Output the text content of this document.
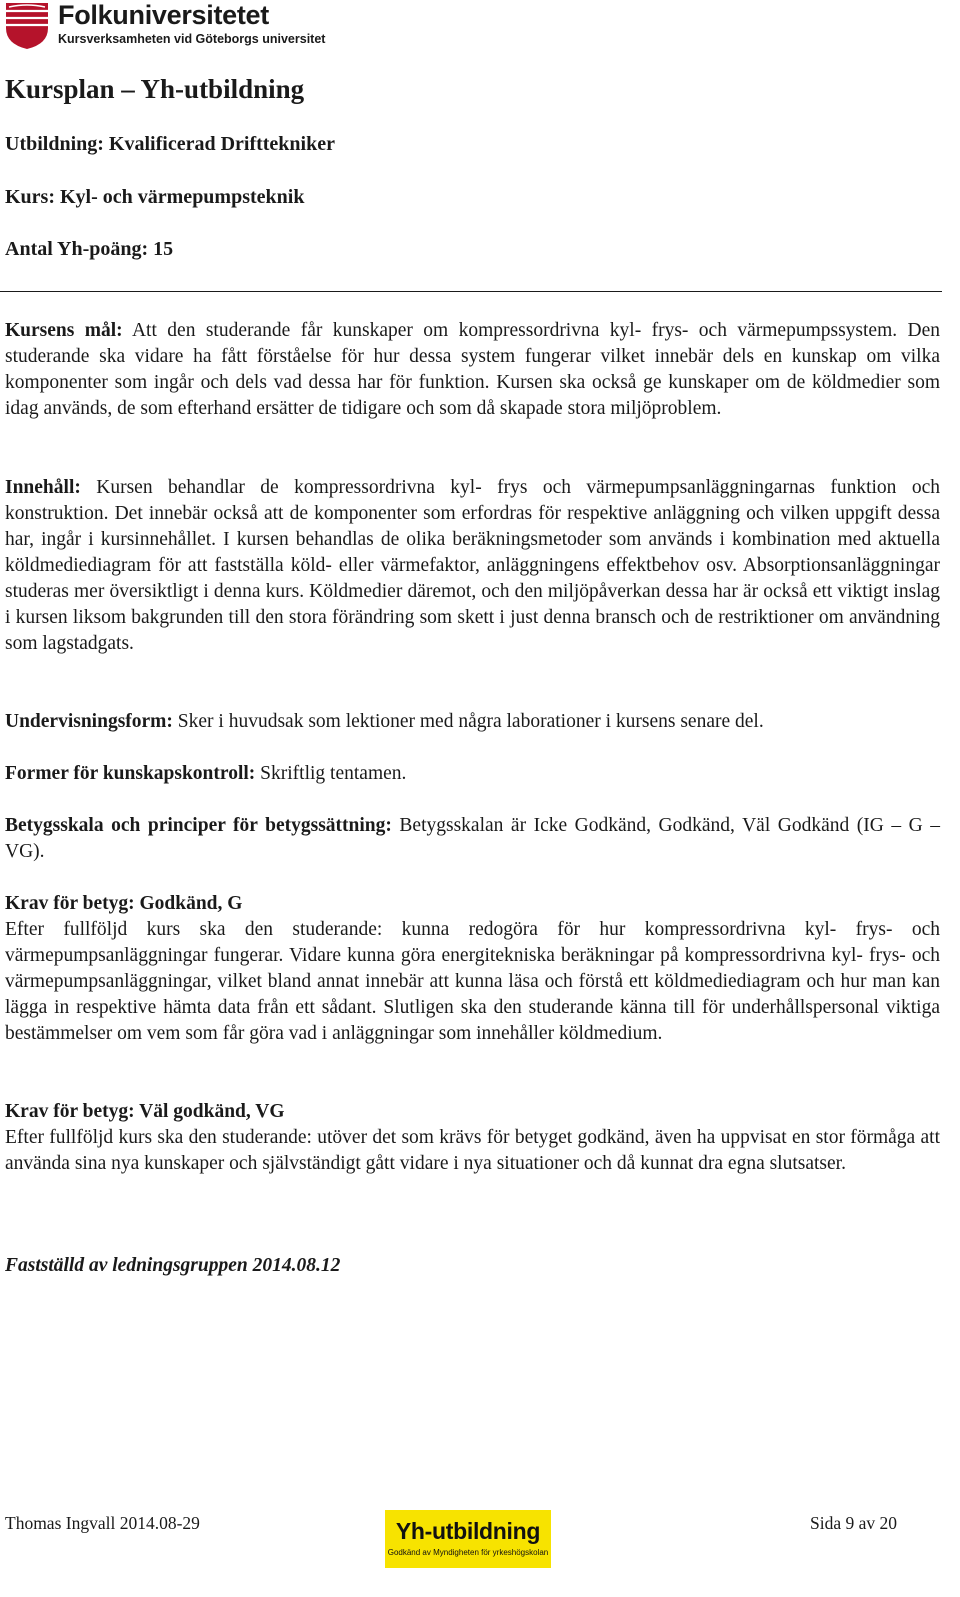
Folkuniversitetet
Kursverksamheten vid Göteborgs universitet
Kursplan – Yh-utbildning

Utbildning: Kvalificerad Drifttekniker

Kurs: Kyl- och värmepumpsteknik

Antal Yh-poäng: 15

Kursens mål: Att den studerande får kunskaper om kompressordrivna kyl- frys- och värmepumpssystem. Den studerande ska vidare ha fått förståelse för hur dessa system fungerar vilket innebär dels en kunskap om vilka komponenter som ingår och dels vad dessa har för funktion. Kursen ska också ge kunskaper om de köldmedier som idag används, de som efterhand ersätter de tidigare och som då skapade stora miljöproblem.

Innehåll: Kursen behandlar de kompressordrivna kyl- frys och värmepumpsanläggningarnas funktion och konstruktion. Det innebär också att de komponenter som erfordras för respektive anläggning och vilken uppgift dessa har, ingår i kursinnehållet. I kursen behandlas de olika beräkningsmetoder som används i kombination med aktuella köldmediediagram för att fastställa köld- eller värmefaktor, anläggningens effektbehov osv. Absorptionsanläggningar studeras mer översiktligt i denna kurs. Köldmedier däremot, och den miljöpåverkan dessa har är också ett viktigt inslag i kursen liksom bakgrunden till den stora förändring som skett i just denna bransch och de restriktioner om användning som lagstadgats.

Undervisningsform: Sker i huvudsak som lektioner med några laborationer i kursens senare del.

Former för kunskapskontroll: Skriftlig tentamen.

Betygsskala och principer för betygssättning: Betygsskalan är Icke Godkänd, Godkänd, Väl Godkänd (IG – G – VG).

Krav för betyg: Godkänd, G

Efter fullföljd kurs ska den studerande: kunna redogöra för hur kompressordrivna kyl- frys- och värmepumpsanläggningar fungerar. Vidare kunna göra energitekniska beräkningar på kompressordrivna kyl- frys- och värmepumpsanläggningar, vilket bland annat innebär att kunna läsa och förstå ett köldmediediagram och hur man kan lägga in respektive hämta data från ett sådant. Slutligen ska den studerande känna till för underhållspersonal viktiga bestämmelser om vem som får göra vad i anläggningar som innehåller köldmedium.

Krav för betyg: Väl godkänd, VG

Efter fullföljd kurs ska den studerande: utöver det som krävs för betyget godkänd, även ha uppvisat en stor förmåga att använda sina nya kunskaper och självständigt gått vidare i nya situationer och då kunnat dra egna slutsatser.

Fastställd av ledningsgruppen 2014.08.12

Thomas Ingvall 2014.08-29	Yh-utbildning
Godkänd av Myndigheten för yrkeshögskolan
Sida 9 av 20
